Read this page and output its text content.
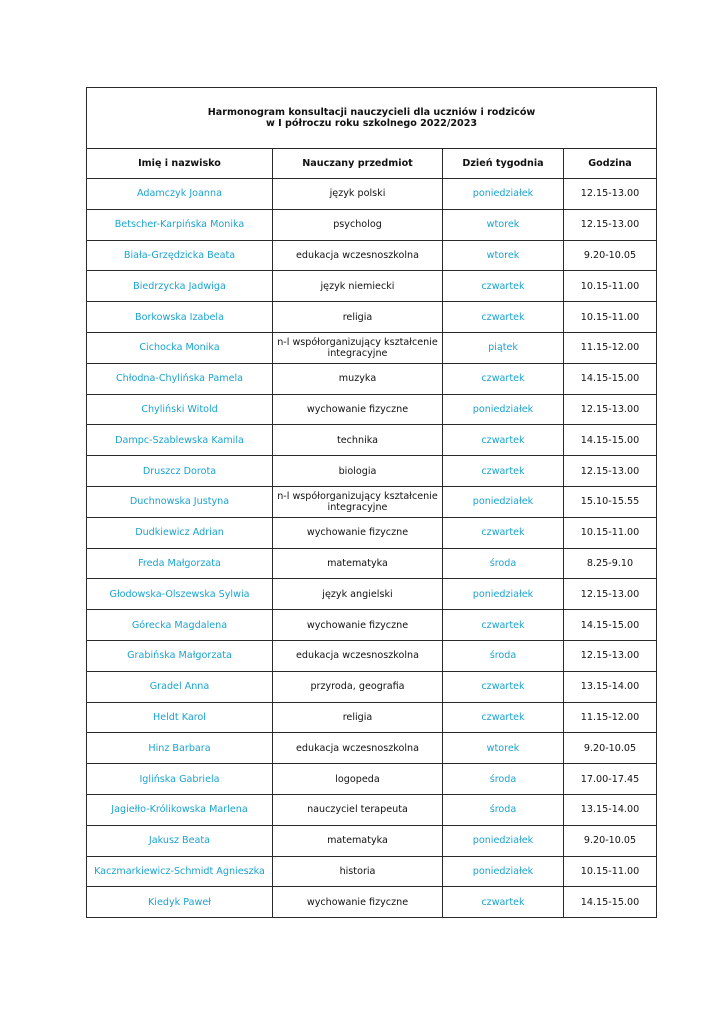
Harmonogram konsultacji nauczycieli dla uczniów i rodziców
w I półroczu roku szkolnego 2022/2023			

Imię i nazwisko	Nauczany przedmiot	Dzień tygodnia	Godzina
Adamczyk Joanna	język polski	poniedziałek	12.15-13.00
Betscher-Karpińska Monika	psycholog	wtorek	12.15-13.00
Biała-Grzędzicka Beata	edukacja wczesnoszkolna	wtorek	9.20-10.05
Biedrzycka Jadwiga	język niemiecki	czwartek	10.15-11.00
Borkowska Izabela	religia	czwartek	10.15-11.00
Cichocka Monika	n-l współorganizujący kształcenie integracyjne	piątek	11.15-12.00
Chłodna-Chylińska Pamela	muzyka	czwartek	14.15-15.00
Chyliński Witold	wychowanie fizyczne	poniedziałek	12.15-13.00
Dampc-Szablewska Kamila	technika	czwartek	14.15-15.00
Druszcz Dorota	biologia	czwartek	12.15-13.00
Duchnowska Justyna	n-l współorganizujący kształcenie integracyjne	poniedziałek	15.10-15.55
Dudkiewicz Adrian	wychowanie fizyczne	czwartek	10.15-11.00
Freda Małgorzata	matematyka	środa	8.25-9.10
Głodowska-Olszewska Sylwia	język angielski	poniedziałek	12.15-13.00
Górecka Magdalena	wychowanie fizyczne	czwartek	14.15-15.00
Grabińska Małgorzata	edukacja wczesnoszkolna	środa	12.15-13.00
Gradel Anna	przyroda, geografia	czwartek	13.15-14.00
Heldt Karol	religia	czwartek	11.15-12.00
Hinz Barbara	edukacja wczesnoszkolna	wtorek	9.20-10.05
Iglińska Gabriela	logopeda	środa	17.00-17.45
Jagiełło-Królikowska Marlena	nauczyciel terapeuta	środa	13.15-14.00
Jakusz Beata	matematyka	poniedziałek	9.20-10.05
Kaczmarkiewicz-Schmidt Agnieszka	historia	poniedziałek	10.15-11.00
Kiedyk Paweł	wychowanie fizyczne	czwartek	14.15-15.00
